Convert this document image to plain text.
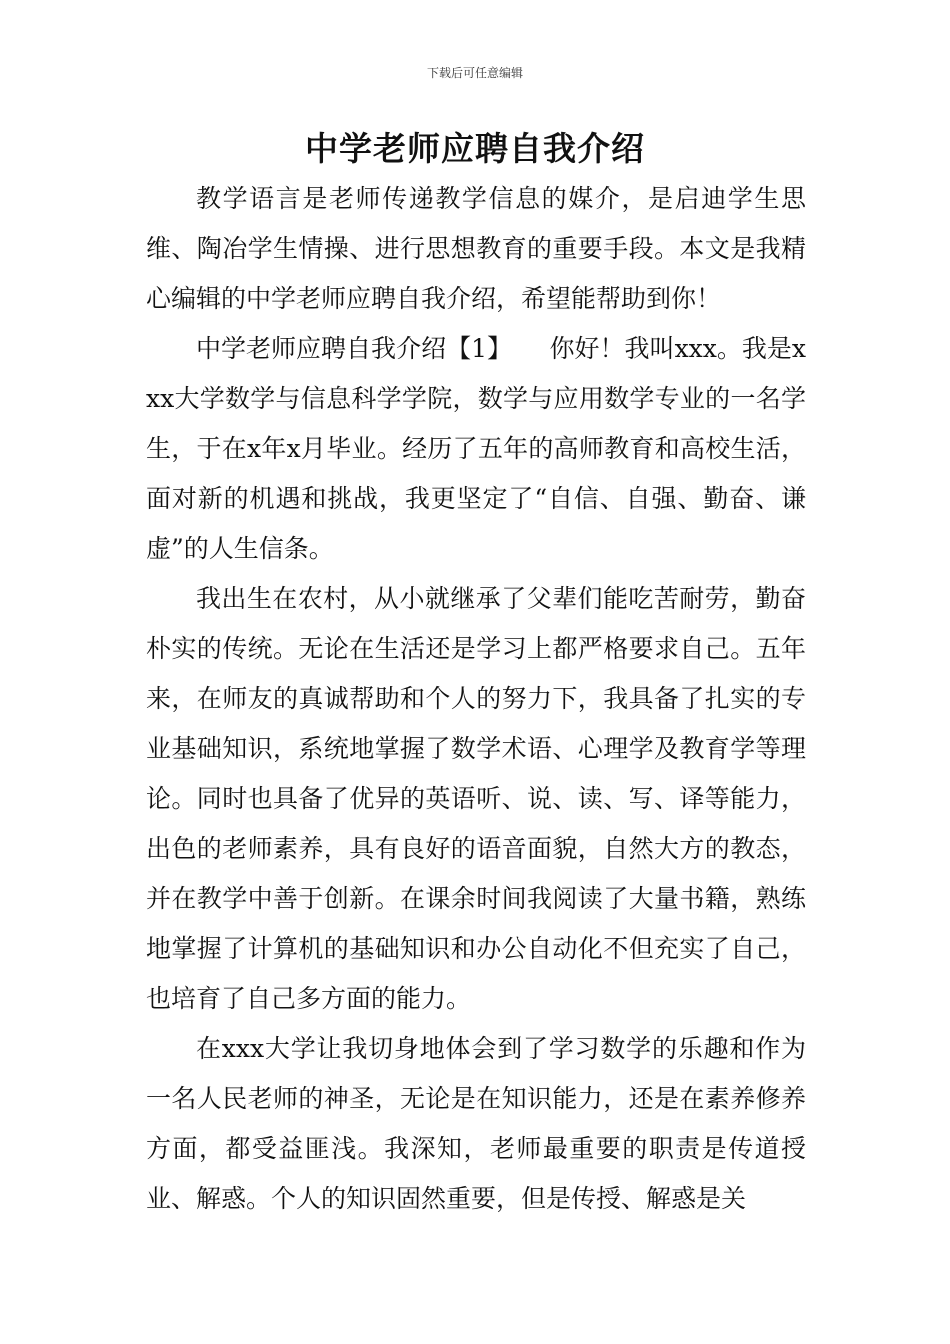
下载后可任意编辑
中学老师应聘自我介绍

教学语言是老师传递教学信息的媒介，是启迪学生思维、陶冶学生情操、进行思想教育的重要手段。本文是我精心编辑的中学老师应聘自我介绍，希望能帮助到你！

中学老师应聘自我介绍【1】　　你好！我叫xxx。我是xxx大学数学与信息科学学院，数学与应用数学专业的一名学生，于在x年x月毕业。经历了五年的高师教育和高校生活，面对新的机遇和挑战，我更坚定了“自信、自强、勤奋、谦虚”的人生信条。

我出生在农村，从小就继承了父辈们能吃苦耐劳，勤奋朴实的传统。无论在生活还是学习上都严格要求自己。五年来，在师友的真诚帮助和个人的努力下，我具备了扎实的专业基础知识，系统地掌握了数学术语、心理学及教育学等理论。同时也具备了优异的英语听、说、读、写、译等能力，出色的老师素养，具有良好的语音面貌，自然大方的教态，并在教学中善于创新。在课余时间我阅读了大量书籍，熟练地掌握了计算机的基础知识和办公自动化不但充实了自己，也培育了自己多方面的能力。

在xxx大学让我切身地体会到了学习数学的乐趣和作为一名人民老师的神圣，无论是在知识能力，还是在素养修养方面，都受益匪浅。我深知，老师最重要的职责是传道授业、解惑。个人的知识固然重要，但是传授、解惑是关
